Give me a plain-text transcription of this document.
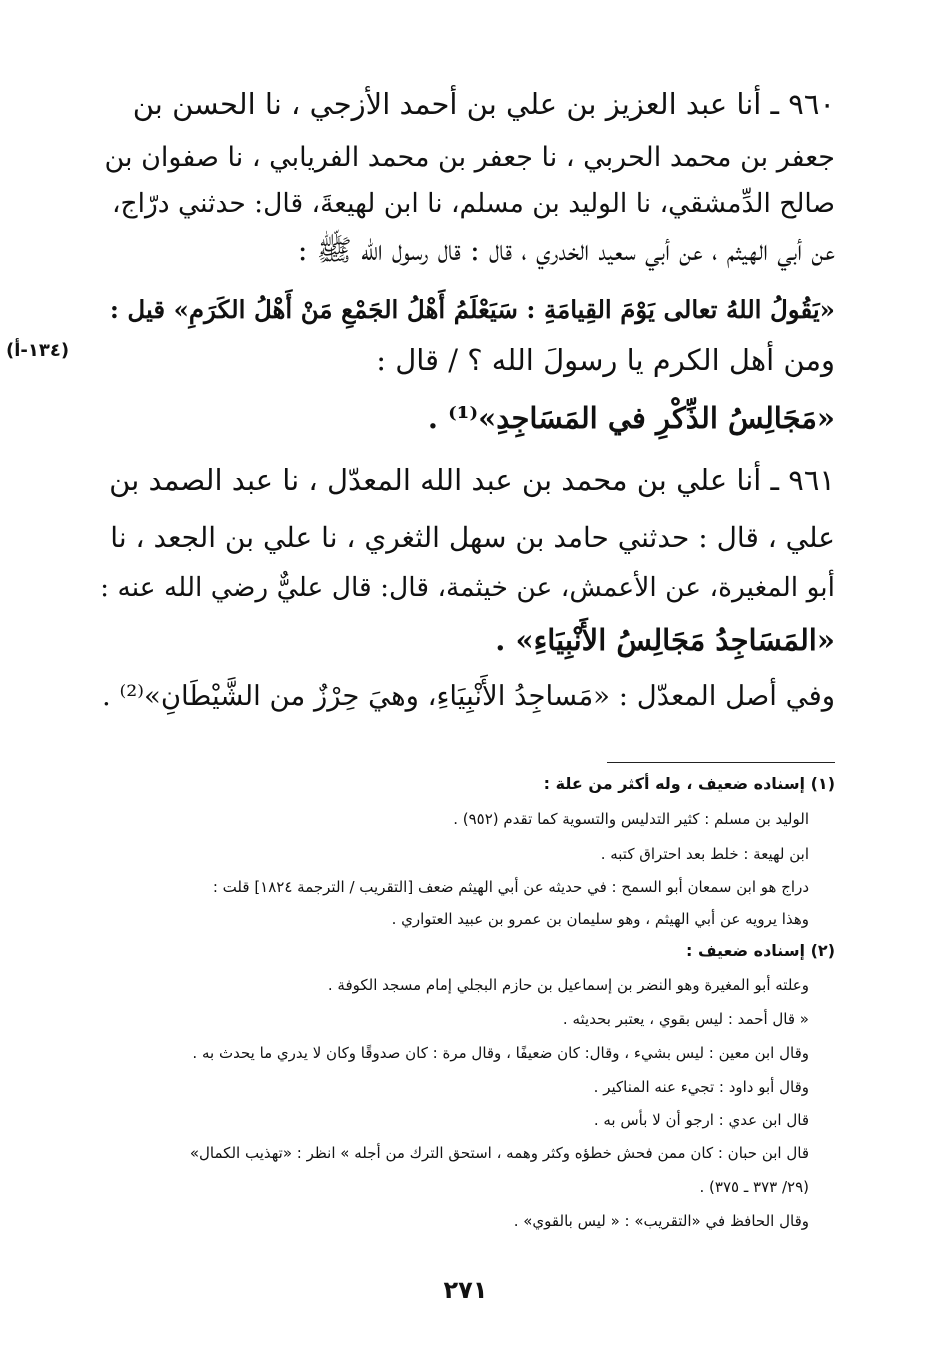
(١٣٤-أ)
٩٦٠ ـ أنا عبد العزيز بن علي بن أحمد الأزجي ، نا الحسن بن
جعفر بن محمد الحربي ، نا جعفر بن محمد الفريابي ، نا صفوان بن
صالح الدِّمشقي، نا الوليد بن مسلم، نا ابن لهيعةَ، قال: حدثني درّاج،
عن أبي الهيثم ، عن أبي سعيد الخدري ، قال : قال رسول الله ﷺ :
«يَقُولُ اللهُ تعالى يَوْمَ القِيامَةِ : سَيَعْلَمُ أَهْلُ الجَمْعِ مَنْ أَهْلُ الكَرَمِ» قيل :
ومن أهل الكرم يا رسولَ الله ؟ / قال :
«مَجَالِسُ الذِّكْرِ في المَسَاجِدِ»⁽¹⁾ .
٩٦١ ـ أنا علي بن محمد بن عبد الله المعدّل ، نا عبد الصمد بن
علي ، قال : حدثني حامد بن سهل الثغري ، نا علي بن الجعد ، نا
أبو المغيرة، عن الأعمش، عن خيثمة، قال: قال عليٌّ رضي الله عنه :
«المَسَاجِدُ مَجَالِسُ الأَنْبِيَاءِ» .
وفي أصل المعدّل : «مَساجِدُ الأَنْبِيَاءِ، وهيَ حِرْزٌ من الشَّيْطَانِ»⁽²⁾ .
(١) إسناده ضعيف ، وله أكثر من علة :
الوليد بن مسلم : كثير التدليس والتسوية كما تقدم (٩٥٢) .
ابن لهيعة : خلط بعد احتراق كتبه .
دراج هو ابن سمعان أبو السمح : في حديثه عن أبي الهيثم ضعف [التقريب / الترجمة ١٨٢٤] قلت :
وهذا يرويه عن أبي الهيثم ، وهو سليمان بن عمرو بن عبيد العتواري .
(٢) إسناده ضعيف :
وعلته أبو المغيرة وهو النضر بن إسماعيل بن حازم البجلي إمام مسجد الكوفة .
« قال أحمد : ليس بقوي ، يعتبر بحديثه .
وقال ابن معين : ليس بشيء ، وقال: كان ضعيفًا ، وقال مرة : كان صدوقًا وكان لا يدري ما يحدث به .
وقال أبو داود : تجيء عنه المناكير .
قال ابن عدي : ارجو أن لا بأس به .
قال ابن حبان : كان ممن فحش خطؤه وكثر وهمه ، استحق الترك من أجله » انظر : «تهذيب الكمال»
(٢٩/ ٣٧٣ ـ ٣٧٥) .
وقال الحافظ في «التقريب» : « ليس بالقوي» .
٢٧١
